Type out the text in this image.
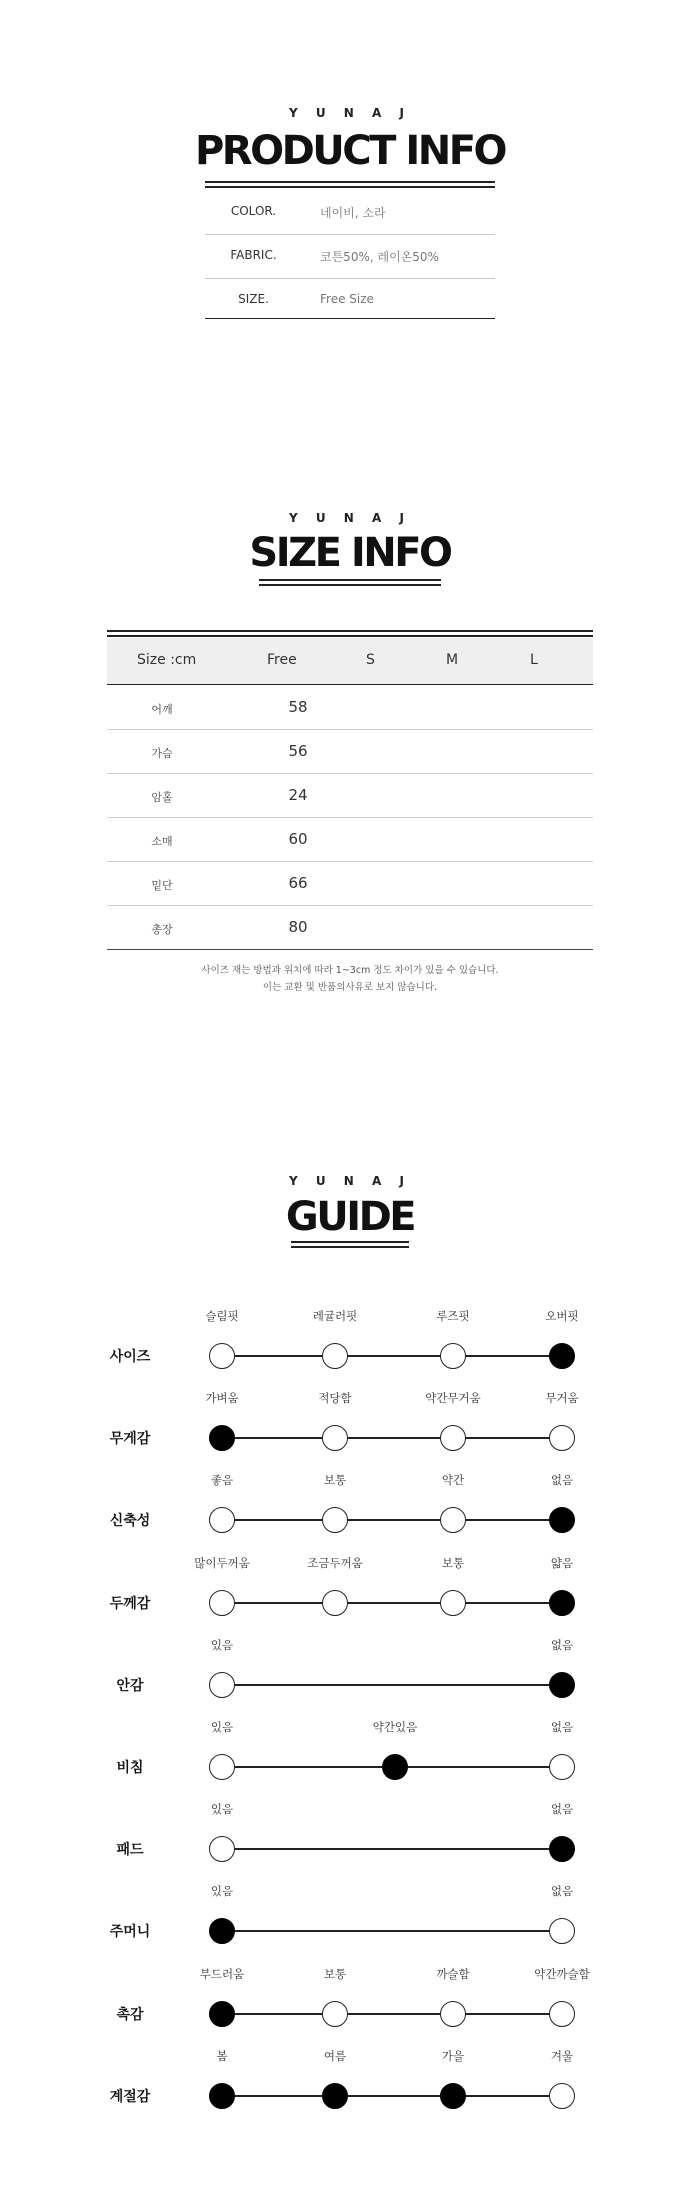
Y U N A J
PRODUCT INFO
COLOR.	네이비, 소라
FABRIC.	코튼50%, 레이온50%
SIZE.	Free Size
Y U N A J
SIZE INFO
Size :cm	Free	S	M	L
어깨	58
가슴	56
암홀	24
소매	60
밑단	66
총장	80
사이즈 재는 방법과 위치에 따라 1~3cm 정도 차이가 있을 수 있습니다.
이는 교환 및 반품의사유로 보지 않습니다.
Y U N A J
GUIDE
사이즈
슬림핏	레귤러핏	루즈핏	오버핏
무게감
가벼움	적당함	약간무거움	무거움
신축성
좋음	보통	약간	없음
두께감
많이두꺼움	조금두꺼움	보통	얇음
안감
있음	없음
비침
있음	약간있음	없음
패드
있음	없음
주머니
있음	없음
촉감
부드러움	보통	까슬함	약간까슬함
계절감
봄	여름	가을	겨울
